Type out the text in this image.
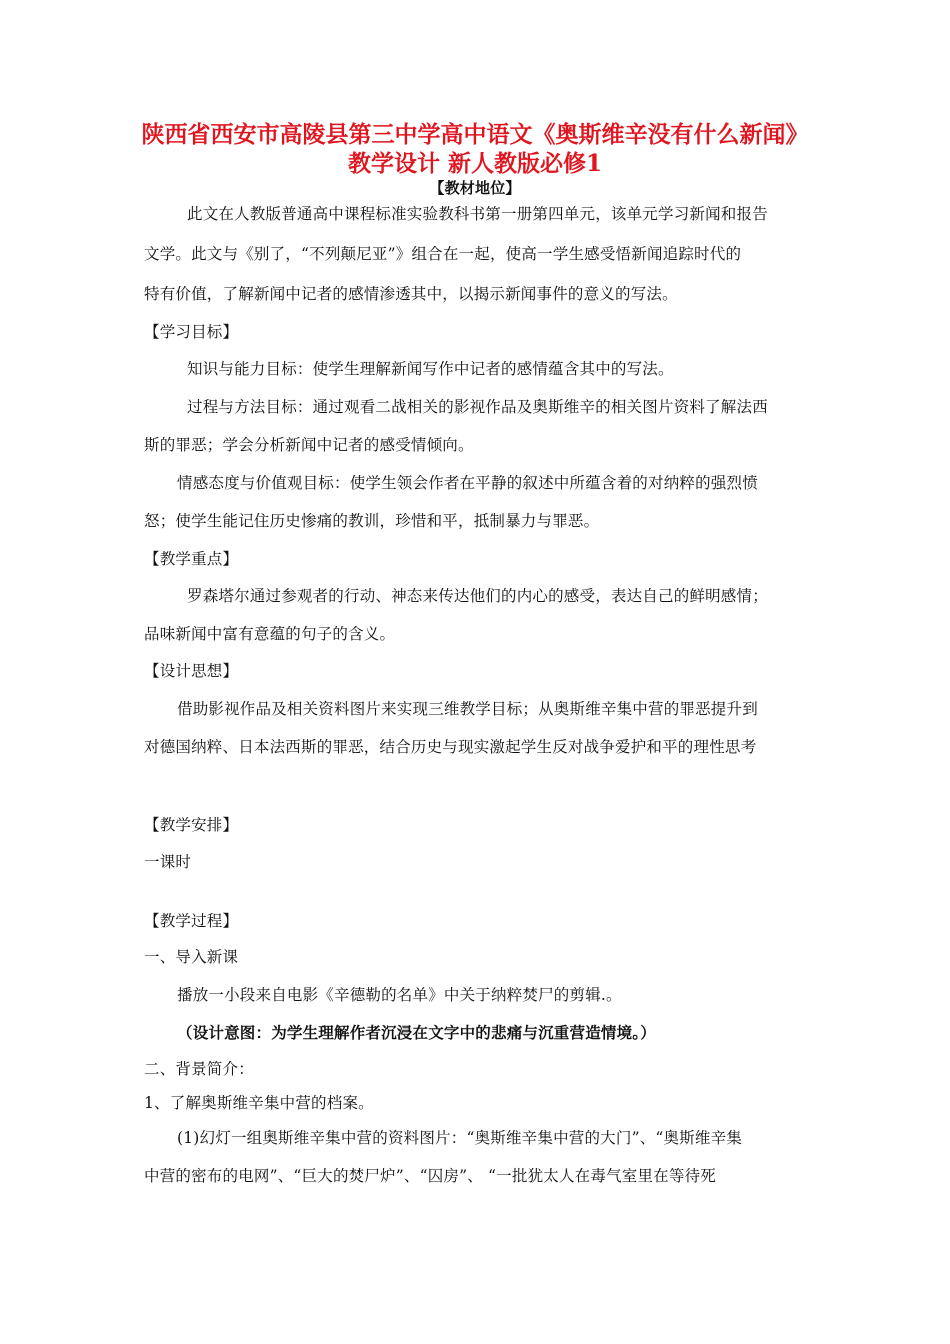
陕西省西安市高陵县第三中学高中语文《奥斯维辛没有什么新闻》
教学设计 新人教版必修1
【教材地位】
此文在人教版普通高中课程标准实验教科书第一册第四单元，该单元学习新闻和报告
文学。此文与《别了，“不列颠尼亚”》组合在一起，使高一学生感受悟新闻追踪时代的
特有价值，了解新闻中记者的感情渗透其中，以揭示新闻事件的意义的写法。
【学习目标】
知识与能力目标：使学生理解新闻写作中记者的感情蕴含其中的写法。
过程与方法目标：通过观看二战相关的影视作品及奥斯维辛的相关图片资料了解法西
斯的罪恶；学会分析新闻中记者的感受情倾向。
情感态度与价值观目标：使学生领会作者在平静的叙述中所蕴含着的对纳粹的强烈愤
怒；使学生能记住历史惨痛的教训，珍惜和平，抵制暴力与罪恶。
【教学重点】
罗森塔尔通过参观者的行动、神态来传达他们的内心的感受，表达自己的鲜明感情；
品味新闻中富有意蕴的句子的含义。
【设计思想】
借助影视作品及相关资料图片来实现三维教学目标；从奥斯维辛集中营的罪恶提升到
对德国纳粹、日本法西斯的罪恶，结合历史与现实激起学生反对战争爱护和平的理性思考
【教学安排】
一课时
【教学过程】
一、导入新课
播放一小段来自电影《辛德勒的名单》中关于纳粹焚尸的剪辑.。
（设计意图：为学生理解作者沉浸在文字中的悲痛与沉重营造情境。）
二、背景简介：
1、了解奥斯维辛集中营的档案。
(1)幻灯一组奥斯维辛集中营的资料图片：“奥斯维辛集中营的大门”、“奥斯维辛集
中营的密布的电网”、“巨大的焚尸炉”、“囚房”、 “一批犹太人在毒气室里在等待死
